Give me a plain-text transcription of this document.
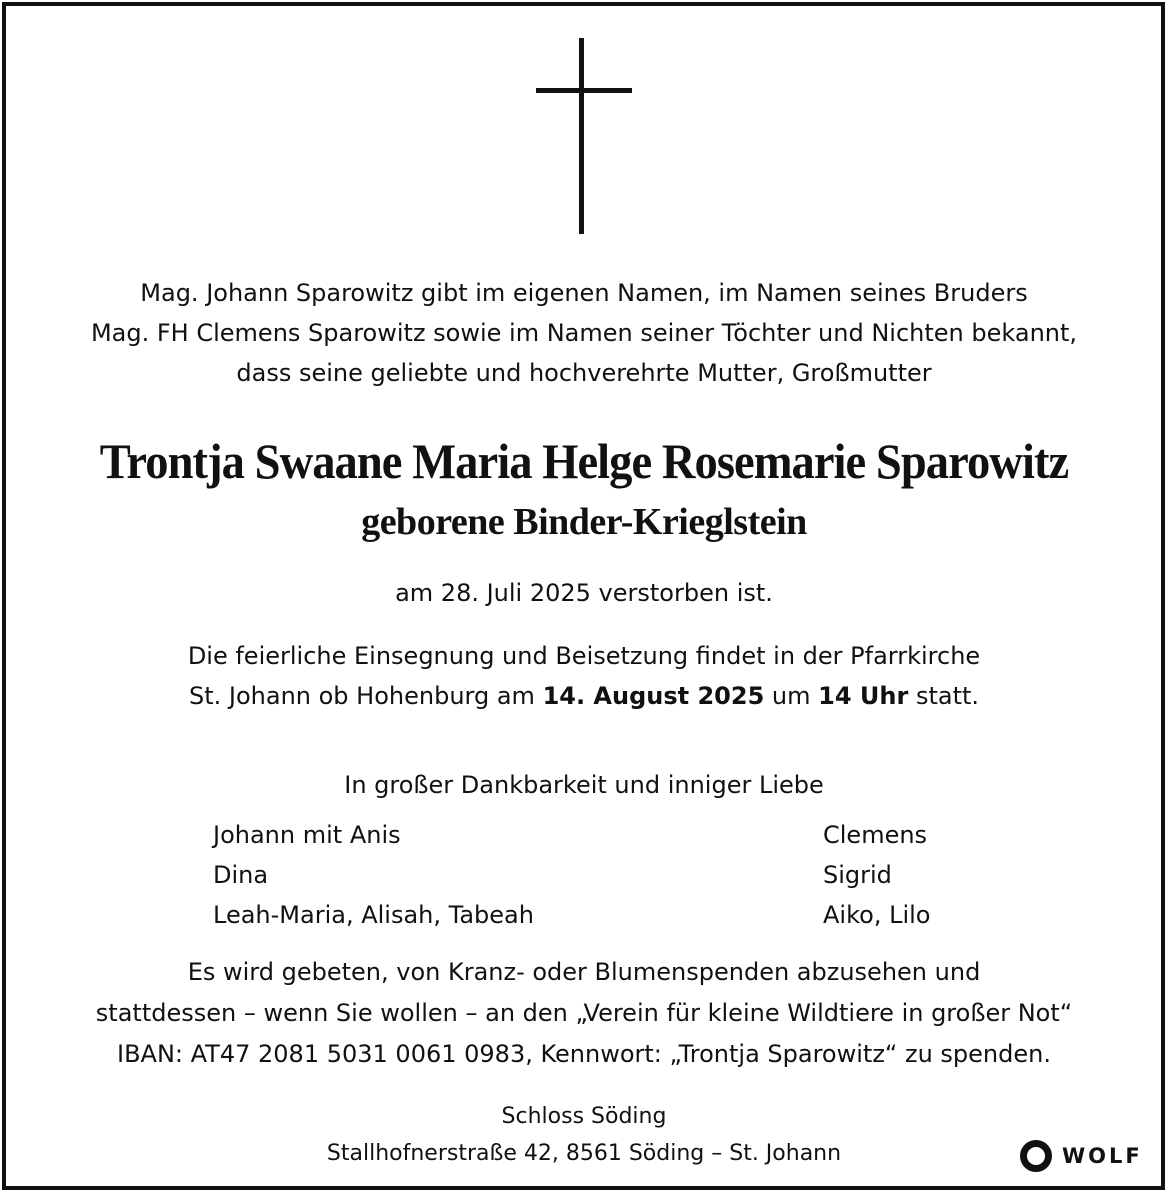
Mag. Johann Sparowitz gibt im eigenen Namen, im Namen seines Bruders
Mag. FH Clemens Sparowitz sowie im Namen seiner Töchter und Nichten bekannt,
dass seine geliebte und hochverehrte Mutter, Großmutter
Trontja Swaane Maria Helge Rosemarie Sparowitz
geborene Binder-Krieglstein
am 28. Juli 2025 verstorben ist.
Die feierliche Einsegnung und Beisetzung findet in der Pfarrkirche
St. Johann ob Hohenburg am 14. August 2025 um 14 Uhr statt.
In großer Dankbarkeit und inniger Liebe
Johann mit Anis
Dina
Leah-Maria, Alisah, Tabeah
Clemens
Sigrid
Aiko, Lilo
Es wird gebeten, von Kranz- oder Blumenspenden abzusehen und
stattdessen – wenn Sie wollen – an den „Verein für kleine Wildtiere in großer Not“
IBAN: AT47 2081 5031 0061 0983, Kennwort: „Trontja Sparowitz“ zu spenden.
Schloss Söding
Stallhofnerstraße 42, 8561 Söding – St. Johann	WOLF
